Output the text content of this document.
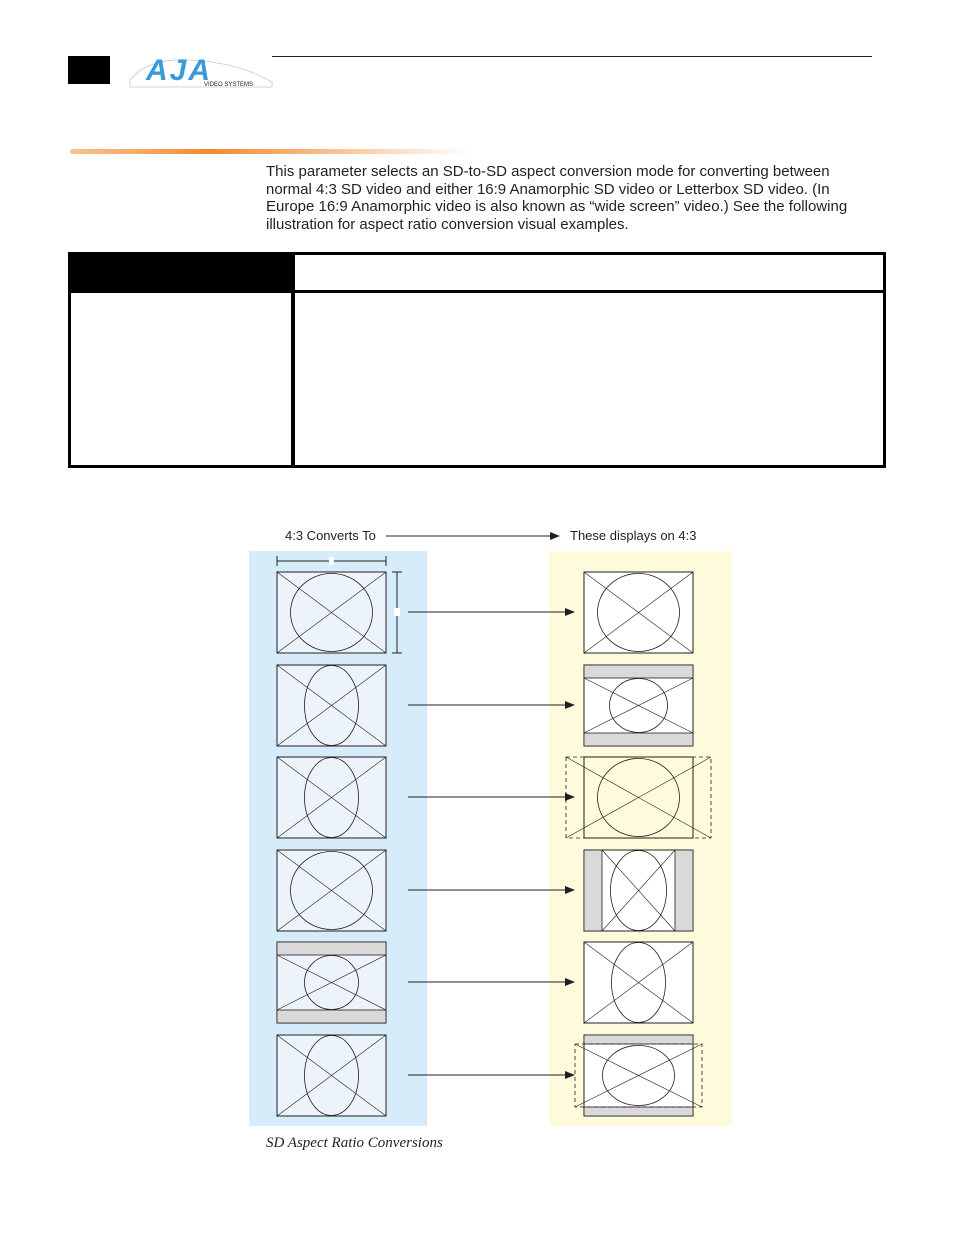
AJA
VIDEO SYSTEMS

This parameter selects an SD-to-SD aspect conversion mode for converting between normal 4:3 SD video and either 16:9 Anamorphic SD video or Letterbox SD video. (In Europe 16:9 Anamorphic video is also known as “wide screen” video.) See the following illustration for aspect ratio conversion visual examples.

4:3 Converts To	These displays on 4:3
SD Aspect Ratio Conversions
